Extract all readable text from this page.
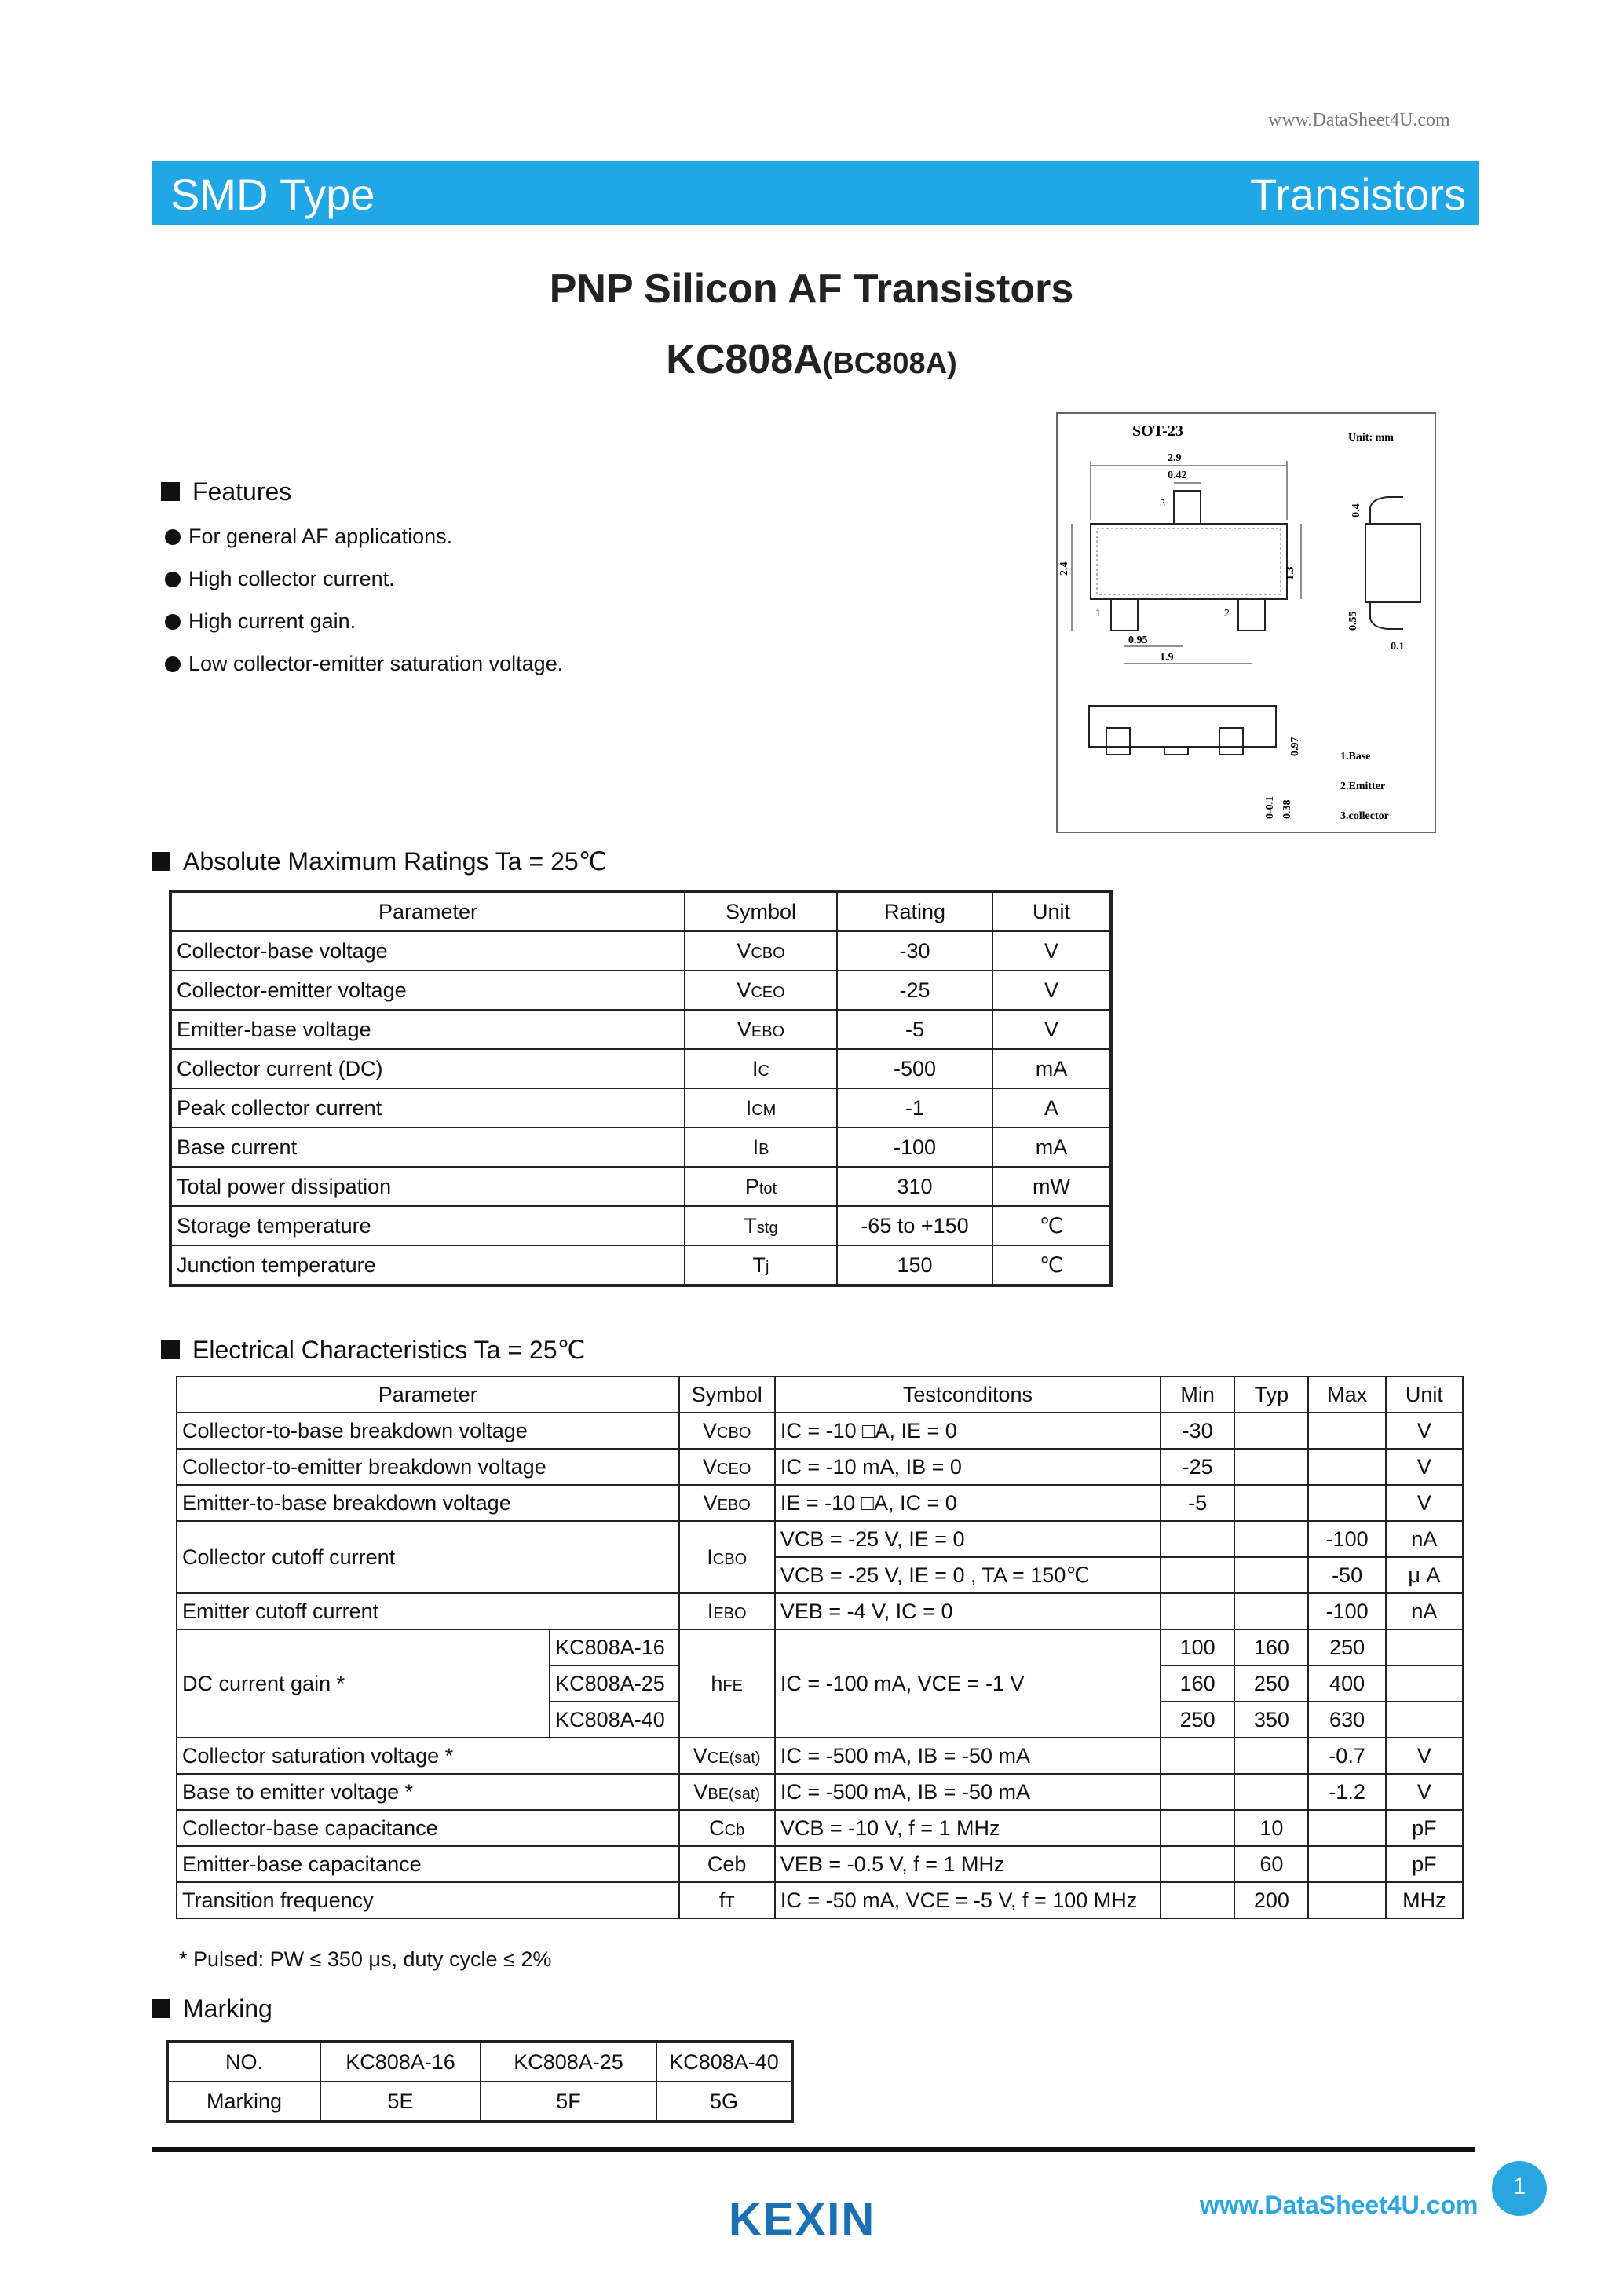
www.DataSheet4U.com
SMD Type	Transistors
PNP Silicon AF Transistors
KC808A(BC808A)
Features
For general AF applications.
High collector current.
High current gain.
Low collector-emitter saturation voltage.
SOT-23	Unit: mm
3
1	2
2.9
0.42
2.4	1.3
0.95
1.9
0.4
0.55
0.1
0.97
0-0.1 0.38
1.Base
2.Emitter
3.collector
Absolute Maximum Ratings Ta = 25℃
Parameter	Symbol	Rating	Unit
Collector-base voltage	VCBO	-30	V
Collector-emitter voltage	VCEO	-25	V
Emitter-base voltage	VEBO	-5	V
Collector current (DC)	IC	-500	mA
Peak collector current	ICM	-1	A
Base current	IB	-100	mA
Total power dissipation	Ptot	310	mW
Storage temperature	Tstg	-65 to +150	℃
Junction temperature	Tj	150	℃
Electrical Characteristics Ta = 25℃
Parameter		Symbol	Testconditons	Min	Typ	Max	Unit
Collector-to-base breakdown voltage		VCBO	IC = -10 □A, IE = 0	-30			V
Collector-to-emitter breakdown voltage		VCEO	IC = -10 mA, IB = 0	-25			V
Emitter-to-base breakdown voltage		VEBO	IE = -10 □A, IC = 0	-5			V
Collector cutoff current		ICBO	VCB = -25 V, IE = 0			-100	nA
			VCB = -25 V, IE = 0 , TA = 150℃			-50	μ A
Emitter cutoff current		IEBO	VEB = -4 V, IC = 0			-100	nA
DC current gain *	KC808A-16	hFE	IC = -100 mA, VCE = -1 V	100	160	250	
	KC808A-25			160	250	400	
	KC808A-40			250	350	630	
Collector saturation voltage *		VCE(sat)	IC = -500 mA, IB = -50 mA			-0.7	V
Base to emitter voltage *		VBE(sat)	IC = -500 mA, IB = -50 mA			-1.2	V
Collector-base capacitance		CCb	VCB = -10 V, f = 1 MHz		10		pF
Emitter-base capacitance		Ceb	VEB = -0.5 V, f = 1 MHz		60		pF
Transition frequency		fT	IC = -50 mA, VCE = -5 V, f = 100 MHz		200		MHz
* Pulsed: PW ≤ 350 μs, duty cycle ≤ 2%
Marking
NO.	KC808A-16	KC808A-25	KC808A-40
Marking	5E	5F	5G
KEXIN
1
www.DataSheet4U.com
